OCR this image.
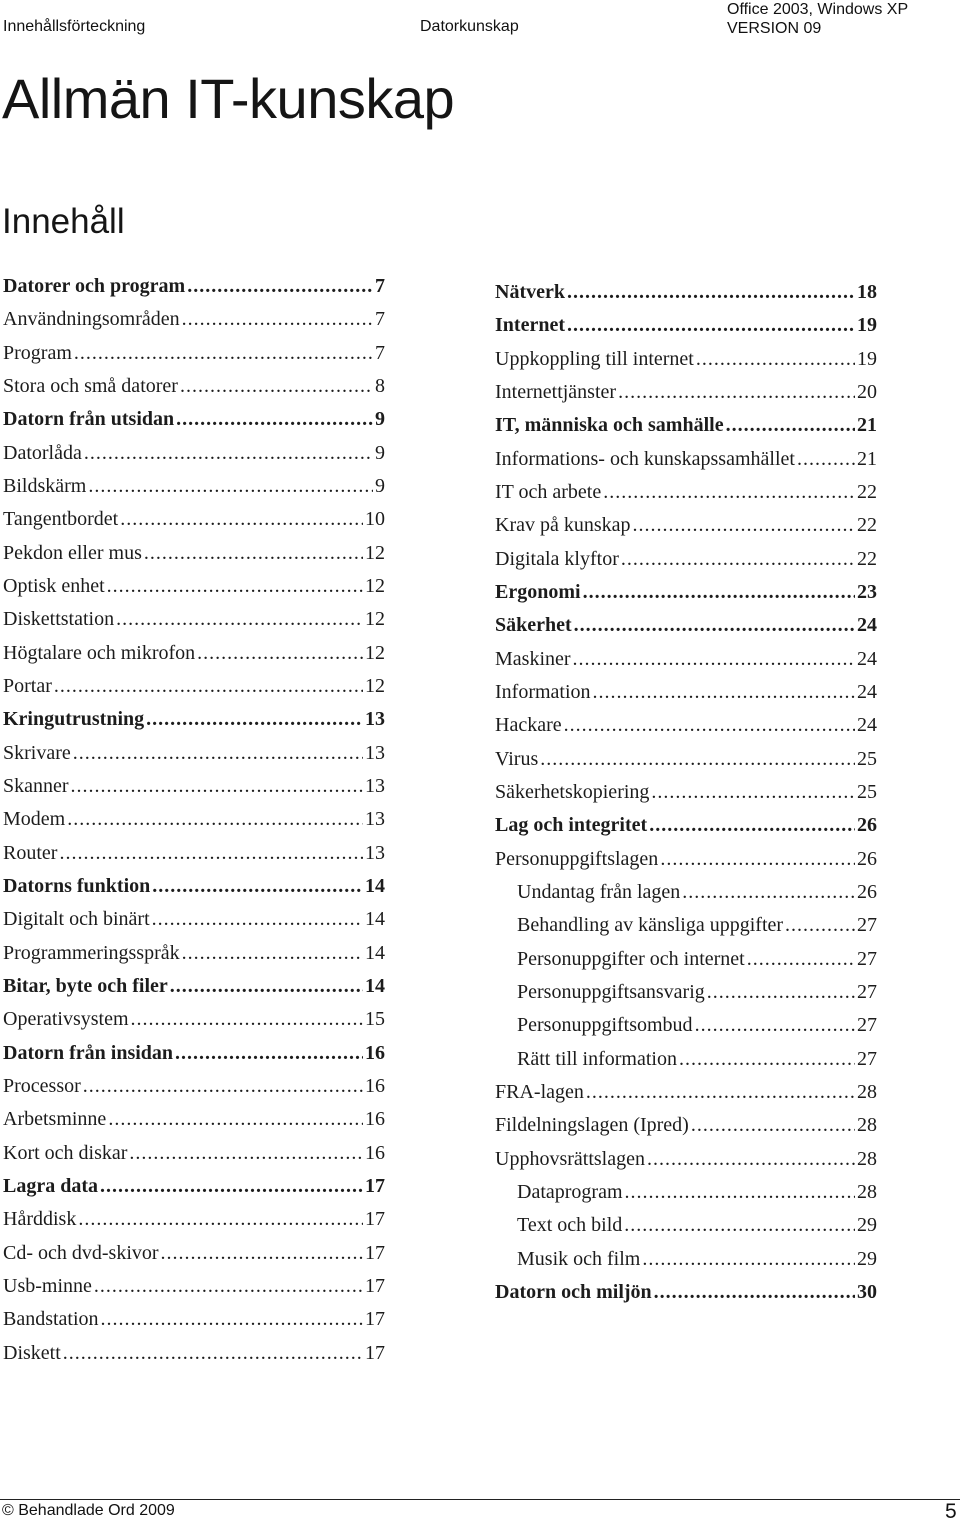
Innehållsförteckning	Datorkunskap
Office 2003, Windows XP
VERSION 09
Allmän IT-kunskap
Innehåll
Datorer och program .....	7
Användningsområden .....	7
Program .....	7
Stora och små datorer .....	8
Datorn från utsidan .....	9
Datorlåda .....	9
Bildskärm .....	9
Tangentbordet .....	10
Pekdon eller mus .....	12
Optisk enhet .....	12
Diskettstation .....	12
Högtalare och mikrofon .....	12
Portar .....	12
Kringutrustning .....	13
Skrivare .....	13
Skanner .....	13
Modem .....	13
Router .....	13
Datorns funktion .....	14
Digitalt och binärt .....	14
Programmeringsspråk .....	14
Bitar, byte och filer .....	14
Operativsystem .....	15
Datorn från insidan .....	16
Processor .....	16
Arbetsminne .....	16
Kort och diskar .....	16
Lagra data .....	17
Hårddisk .....	17
Cd- och dvd-skivor .....	17
Usb-minne .....	17
Bandstation .....	17
Diskett .....	17
Nätverk .....	18
Internet .....	19
Uppkoppling till internet .....	19
Internettjänster .....	20
IT, människa och samhälle .....	21
Informations- och kunskapssamhället .....	21
IT och arbete .....	22
Krav på kunskap .....	22
Digitala klyftor .....	22
Ergonomi .....	23
Säkerhet .....	24
Maskiner .....	24
Information .....	24
Hackare .....	24
Virus .....	25
Säkerhetskopiering .....	25
Lag och integritet .....	26
Personuppgiftslagen .....	26
Undantag från lagen .....	26
Behandling av känsliga uppgifter .....	27
Personuppgifter och internet .....	27
Personuppgiftsansvarig .....	27
Personuppgiftsombud .....	27
Rätt till information .....	27
FRA-lagen .....	28
Fildelningslagen (Ipred) .....	28
Upphovsrättslagen .....	28
Dataprogram .....	28
Text och bild .....	29
Musik och film .....	29
Datorn och miljön .....	30
© Behandlade Ord 2009	5
